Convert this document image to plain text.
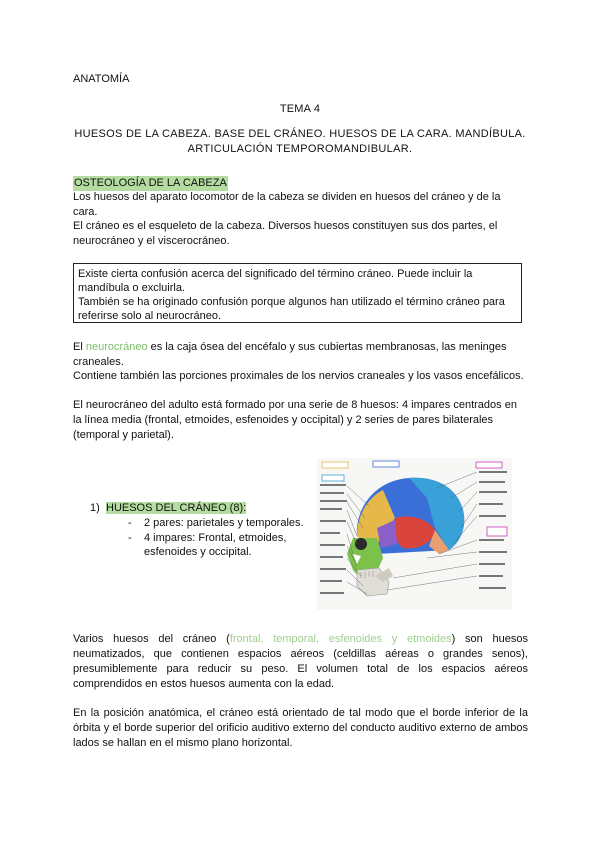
ANATOMÍA
TEMA 4
HUESOS DE LA CABEZA. BASE DEL CRÁNEO. HUESOS DE LA CARA. MANDÍBULA.
ARTICULACIÓN TEMPOROMANDIBULAR.
OSTEOLOGÍA DE LA CABEZA

Los huesos del aparato locomotor de la cabeza se dividen en huesos del cráneo y de la

cara.

El cráneo es el esqueleto de la cabeza. Diversos huesos constituyen sus dos partes, el

neurocráneo y el viscerocráneo.

Existe cierta confusión acerca del significado del término cráneo. Puede incluir la

mandíbula o excluirla.

También se ha originado confusión porque algunos han utilizado el término cráneo para

referirse solo al neurocráneo.

El neurocráneo es la caja ósea del encéfalo y sus cubiertas membranosas, las meninges

craneales.

Contiene también las porciones proximales de los nervios craneales y los vasos encefálicos.

El neurocráneo del adulto está formado por una serie de 8 huesos: 4 impares centrados en
la línea media (frontal, etmoides, esfenoides y occipital) y 2 series de pares bilaterales
(temporal y parietal).
1) HUESOS DEL CRÁNEO (8):
- 2 pares: parietales y temporales.
- 4 impares: Frontal, etmoides,
esfenoides y occipital.
Varios huesos del cráneo (frontal, temporal, esfenoides y etmoides) son huesos neumatizados, que contienen espacios aéreos (celdillas aéreas o grandes senos), presumiblemente para reducir su peso. El volumen total de los espacios aéreos comprendidos en estos huesos aumenta con la edad.
En la posición anatómica, el cráneo está orientado de tal modo que el borde inferior de la órbita y el borde superior del orificio auditivo externo del conducto auditivo externo de ambos lados se hallan en el mismo plano horizontal.
